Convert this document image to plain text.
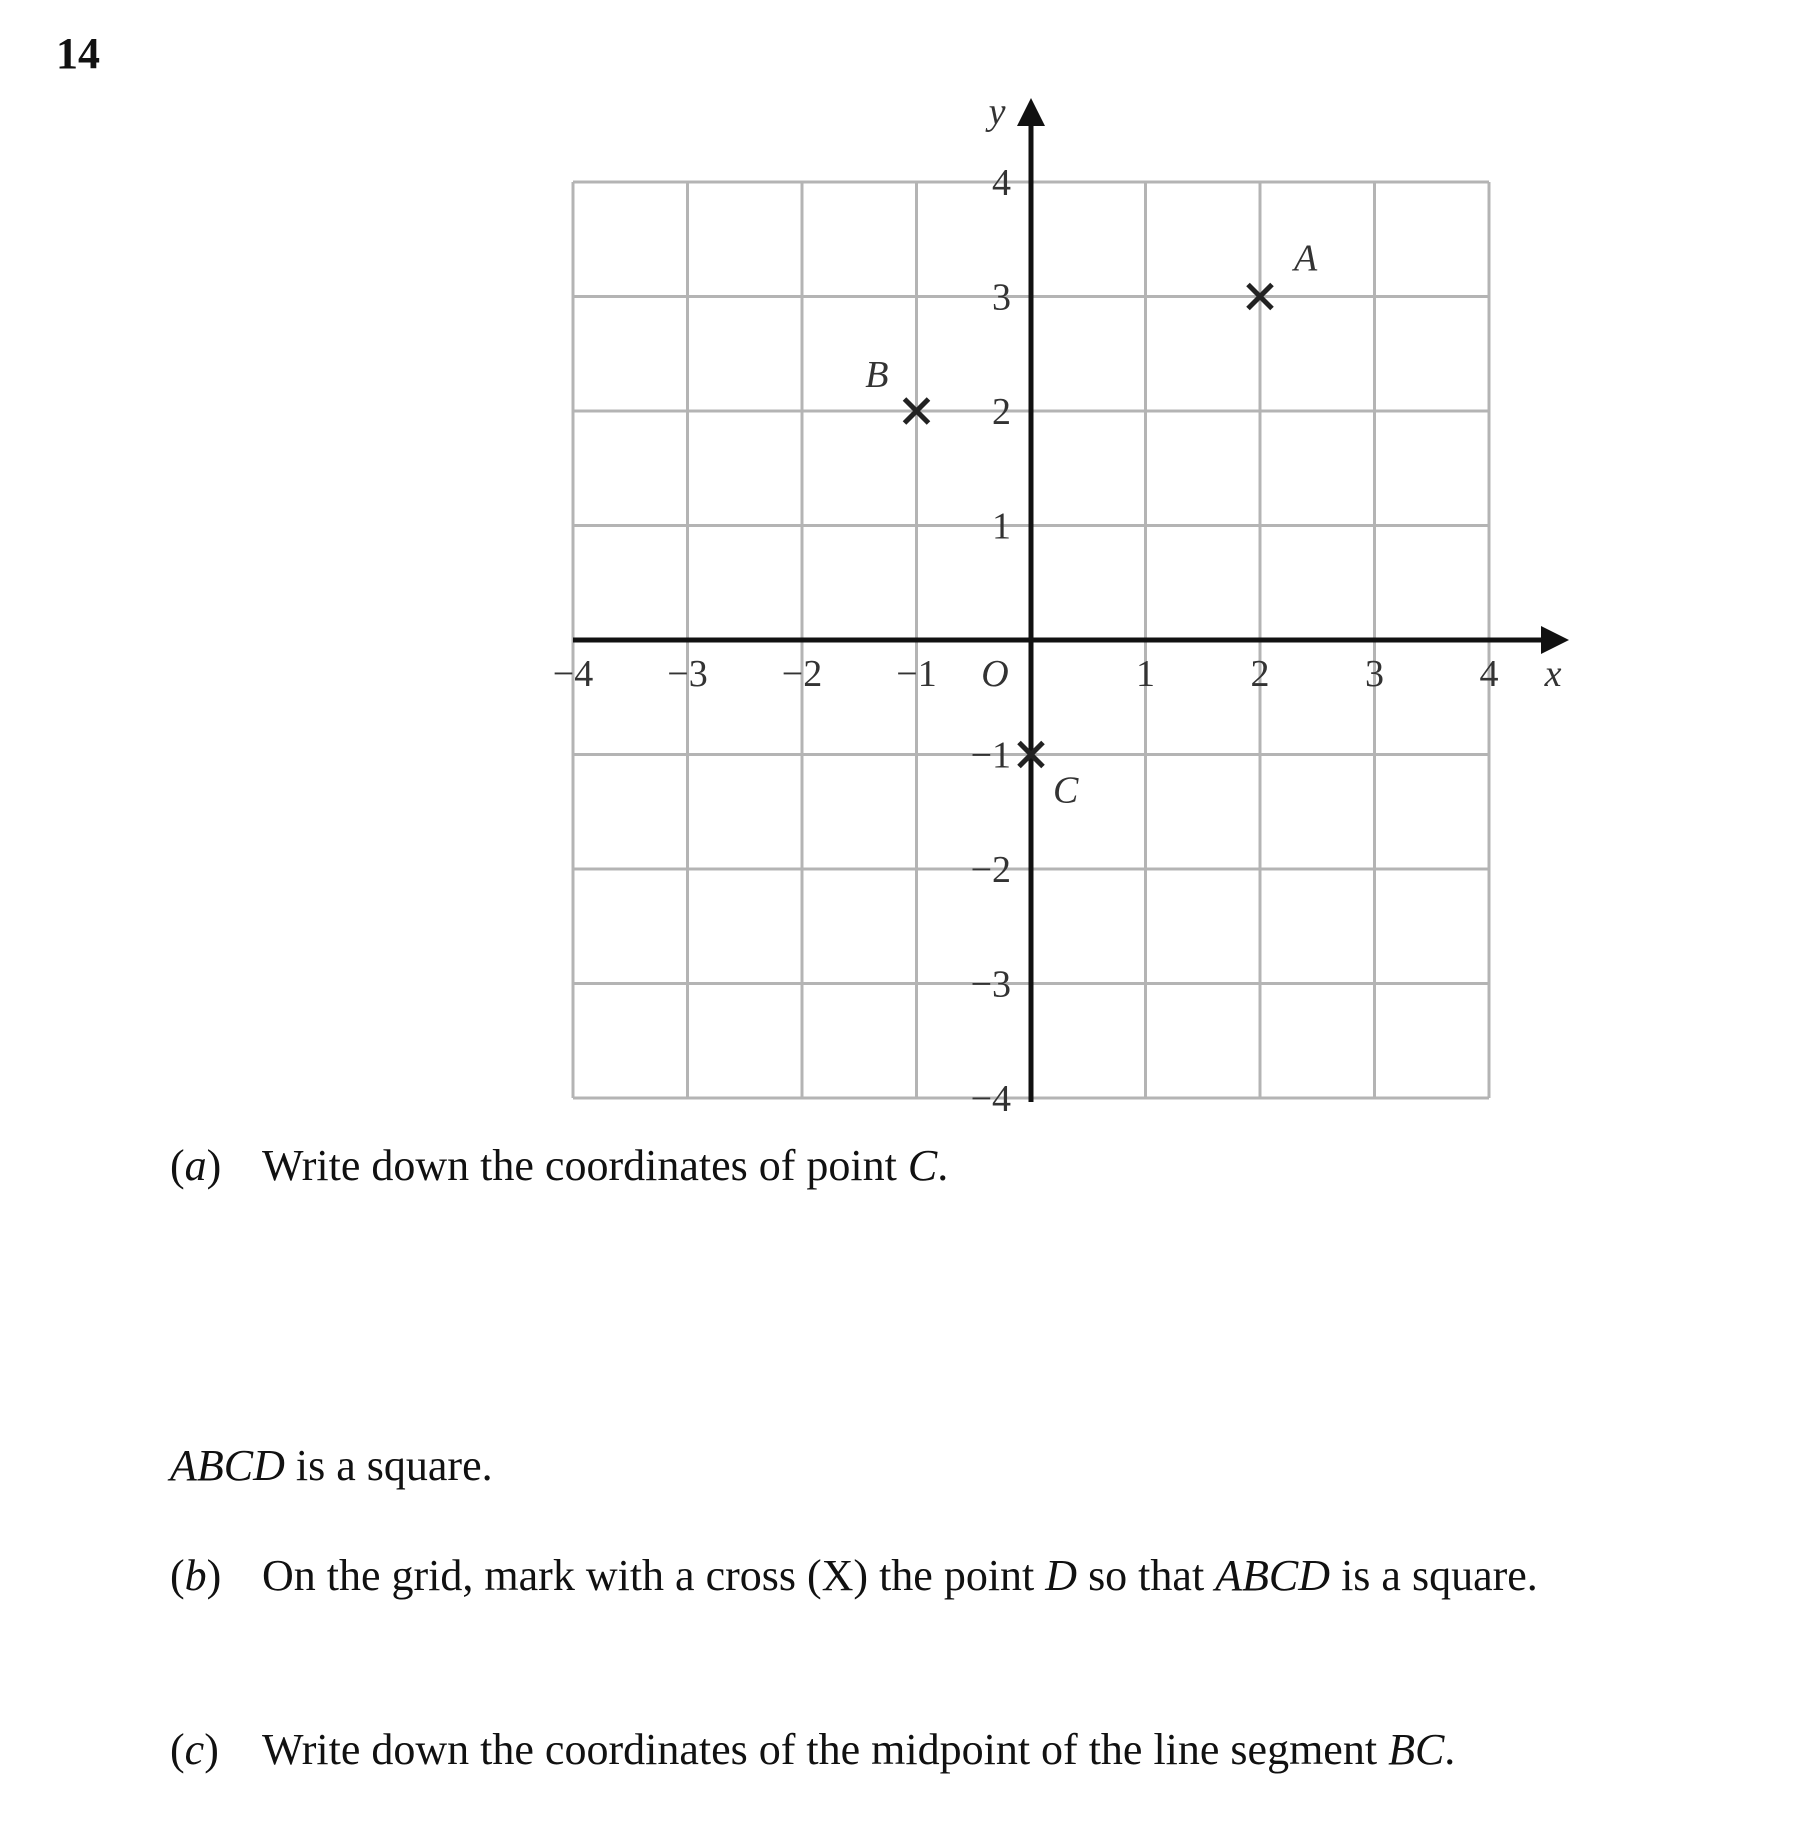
14
−4 −3 −2 −1	1	2	3	4
4
3
2
1
−1
−2
−3
−4
O	x
y
A
B
C
(a) Write down the coordinates of point C.
ABCD is a square.
(b) On the grid, mark with a cross (X) the point D so that ABCD is a square.
(c) Write down the coordinates of the midpoint of the line segment BC.
